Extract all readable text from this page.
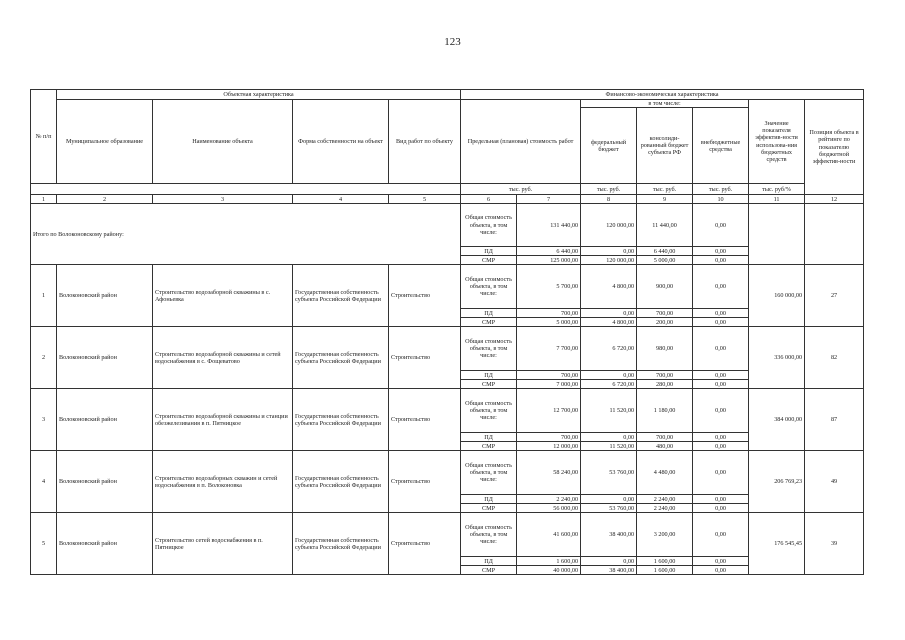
123
№ п/п	Объектная характеристика				Финансово-экономическая характеристика							
	Муниципальное образование	Наименование объекта	Форма собственности на объект	Вид работ по объекту	Предельная (плановая) стоимость работ		в том числе:			Значение показателя эффектив-ности использова-ния бюджетных средств	Позиция объекта в рейтинге по показателю бюджетной эффектив-ности	
							федеральный бюджет	консолиди-рованный бюджет субъекта РФ	внебюджетные средства			
					тыс. руб.		тыс. руб.	тыс. руб.	тыс. руб.	тыс. руб/%		
1	2	3	4	5	6	7	8	9	10	11	12	
Итого по Волоконовскому району:					Общая стоимость объекта, в том числе:	131 440,00	120 000,00	11 440,00	0,00			
					ПД	6 440,00	0,00	6 440,00	0,00			
					СМР	125 000,00	120 000,00	5 000,00	0,00			
1	Волоконовский район	Строительство водозаборной скважины в с. Афоньевка	Государственная собственность субъекта Российской Федерации	Строительство	Общая стоимость объекта, в том числе:	5 700,00	4 800,00	900,00	0,00	160 000,00	27	
					ПД	700,00	0,00	700,00	0,00			
					СМР	5 000,00	4 800,00	200,00	0,00			
2	Волоконовский район	Строительство водозаборной скважины и сетей водоснабжения в с. Фощеватово	Государственная собственность субъекта Российской Федерации	Строительство	Общая стоимость объекта, в том числе:	7 700,00	6 720,00	980,00	0,00	336 000,00	82	
					ПД	700,00	0,00	700,00	0,00			
					СМР	7 000,00	6 720,00	280,00	0,00			
3	Волоконовский район	Строительство водозаборной скважины и станции обезжелезивания в п. Пятницкое	Государственная собственность субъекта Российской Федерации	Строительство	Общая стоимость объекта, в том числе:	12 700,00	11 520,00	1 180,00	0,00	384 000,00	87	
					ПД	700,00	0,00	700,00	0,00			
					СМР	12 000,00	11 520,00	480,00	0,00			
4	Волоконовский район	Строительство водозаборных скважин и сетей водоснабжения в п. Волоконовка	Государственная собственность субъекта Российской Федерации	Строительство	Общая стоимость объекта, в том числе:	58 240,00	53 760,00	4 480,00	0,00	206 769,23	49	
					ПД	2 240,00	0,00	2 240,00	0,00			
					СМР	56 000,00	53 760,00	2 240,00	0,00			
5	Волоконовский район	Строительство сетей водоснабжения в п. Пятницкое	Государственная собственность субъекта Российской Федерации	Строительство	Общая стоимость объекта, в том числе:	41 600,00	38 400,00	3 200,00	0,00	176 545,45	39	
					ПД	1 600,00	0,00	1 600,00	0,00			
					СМР	40 000,00	38 400,00	1 600,00	0,00			
